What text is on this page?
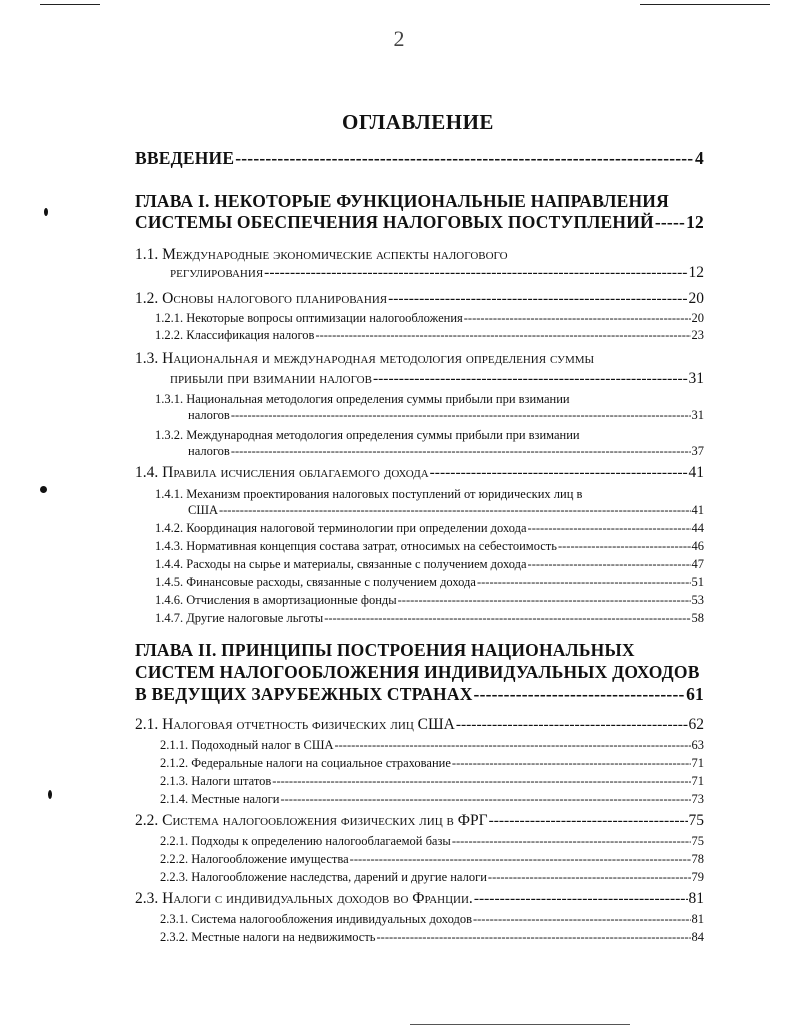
2
ОГЛАВЛЕНИЕ
ВВЕДЕНИЕ -----	4
ГЛАВА I. НЕКОТОРЫЕ ФУНКЦИОНАЛЬНЫЕ НАПРАВЛЕНИЯ
СИСТЕМЫ ОБЕСПЕЧЕНИЯ НАЛОГОВЫХ ПОСТУПЛЕНИЙ ----- 12
1.1. Международные экономические аспекты налогового
регулирования -----	12
1.2. Основы налогового планирования -----	20
1.2.1. Некоторые вопросы оптимизации налогообложения -----	20
1.2.2. Классификация налогов -----	23
1.3. Национальная и международная методология определения суммы
прибыли при взимании налогов -----	31
1.3.1. Национальная методология определения суммы прибыли при взимании
налогов -----	31
1.3.2. Международная методология определения суммы прибыли при взимании
налогов -----	37
1.4. Правила исчисления облагаемого дохода -----	41
1.4.1. Механизм проектирования налоговых поступлений от юридических лиц в
США -----	41
1.4.2. Координация налоговой терминологии при определении дохода -----	44
1.4.3. Нормативная концепция состава затрат, относимых на себестоимость -----	46
1.4.4. Расходы на сырье и материалы, связанные с получением дохода -----	47
1.4.5. Финансовые расходы, связанные с получением дохода -----	51
1.4.6. Отчисления в амортизационные фонды -----	53
1.4.7. Другие налоговые льготы -----	58
ГЛАВА II. ПРИНЦИПЫ ПОСТРОЕНИЯ НАЦИОНАЛЬНЫХ
СИСТЕМ НАЛОГООБЛОЖЕНИЯ ИНДИВИДУАЛЬНЫХ ДОХОДОВ
В ВЕДУЩИХ ЗАРУБЕЖНЫХ СТРАНАХ -----	61
2.1. Налоговая отчетность физических лиц США -----	62
2.1.1. Подоходный налог в США -----	63
2.1.2. Федеральные налоги на социальное страхование -----	71
2.1.3. Налоги штатов -----	71
2.1.4. Местные налоги -----	73
2.2. Система налогообложения физических лиц в ФРГ -----	75
2.2.1. Подходы к определению налогооблагаемой базы -----	75
2.2.2. Налогообложение имущества -----	78
2.2.3. Налогообложение наследства, дарений и другие налоги -----	79
2.3. Налоги с индивидуальных доходов во Франции. -----	81
2.3.1. Система налогообложения индивидуальных доходов -----	81
2.3.2. Местные налоги на недвижимость -----	84
